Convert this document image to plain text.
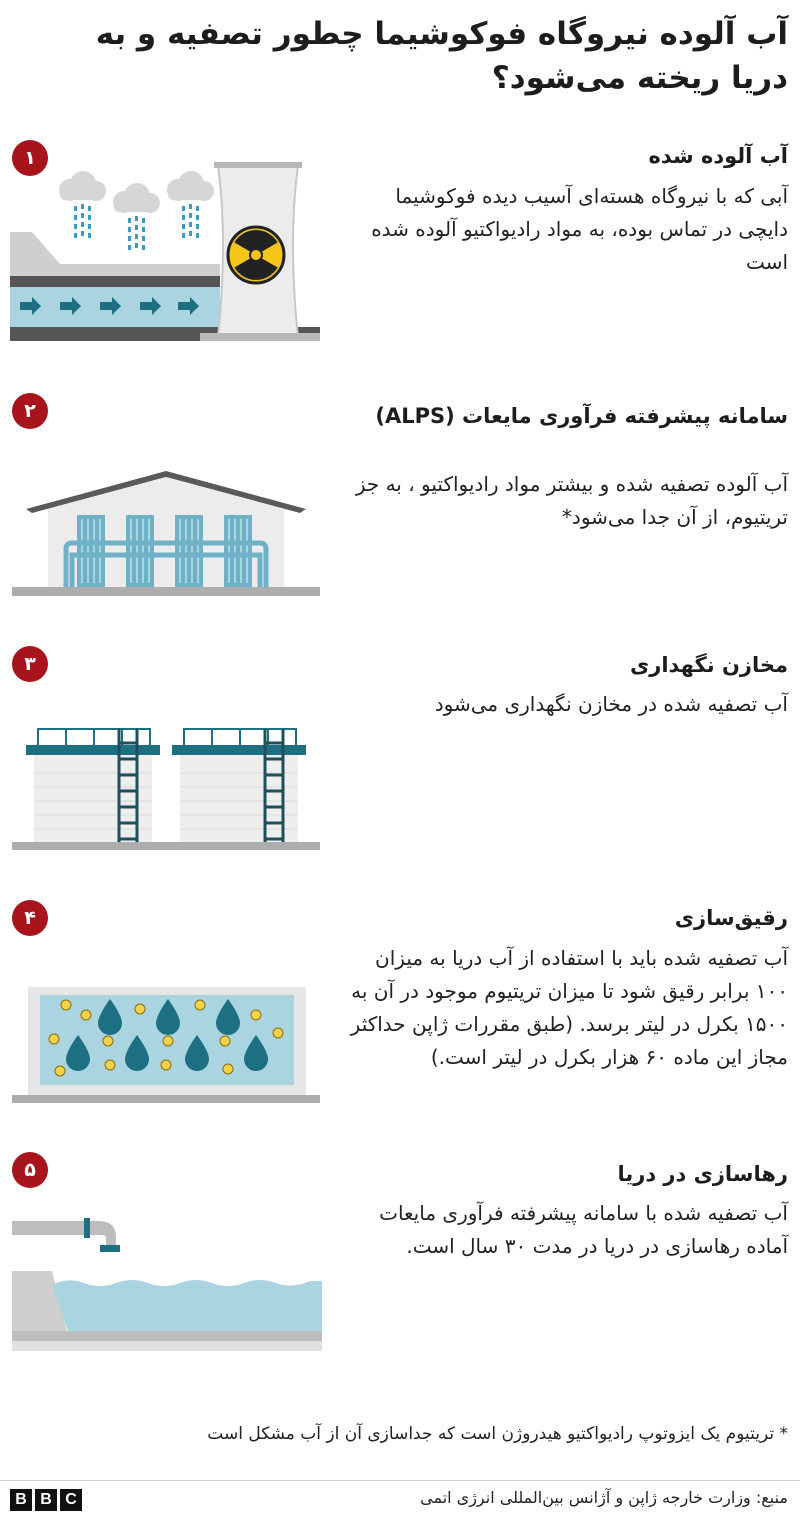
آب آلوده نیروگاه فوکوشیما چطور تصفیه و به دریا ریخته می‌شود؟
۱	آب آلوده شده

آبی که با نیروگاه هسته‌ای آسیب دیده فوکوشیما دایچی در تماس بوده، به مواد رادیواکتیو آلوده شده است

۲	سامانه پیشرفته فرآوری مایعات (ALPS)

آب آلوده تصفیه شده و بیشتر مواد رادیواکتیو ، به جز تریتیوم، از آن جدا می‌شود*

۳	مخازن نگهداری

آب تصفیه شده در مخازن نگهداری می‌شود

۴	رقیق‌سازی

آب تصفیه شده باید با استفاده از آب دریا به میزان ۱۰۰ برابر رقیق شود تا میزان تریتیوم موجود در آن به ۱۵۰۰ بکرل در لیتر برسد. (طبق مقررات ژاپن حداکثر مجاز این ماده ۶۰ هزار بکرل در لیتر است.)

۵	رهاسازی در دریا

آب تصفیه شده با سامانه پیشرفته فرآوری مایعات آماده رهاسازی در دریا در مدت ۳۰ سال است.

* تریتیوم یک ایزوتوپ رادیواکتیو هیدروژن است که جداسازی آن از آب مشکل است

منبع: وزارت خارجه ژاپن و آژانس بین‌المللی انرژی اتمی

B B C
